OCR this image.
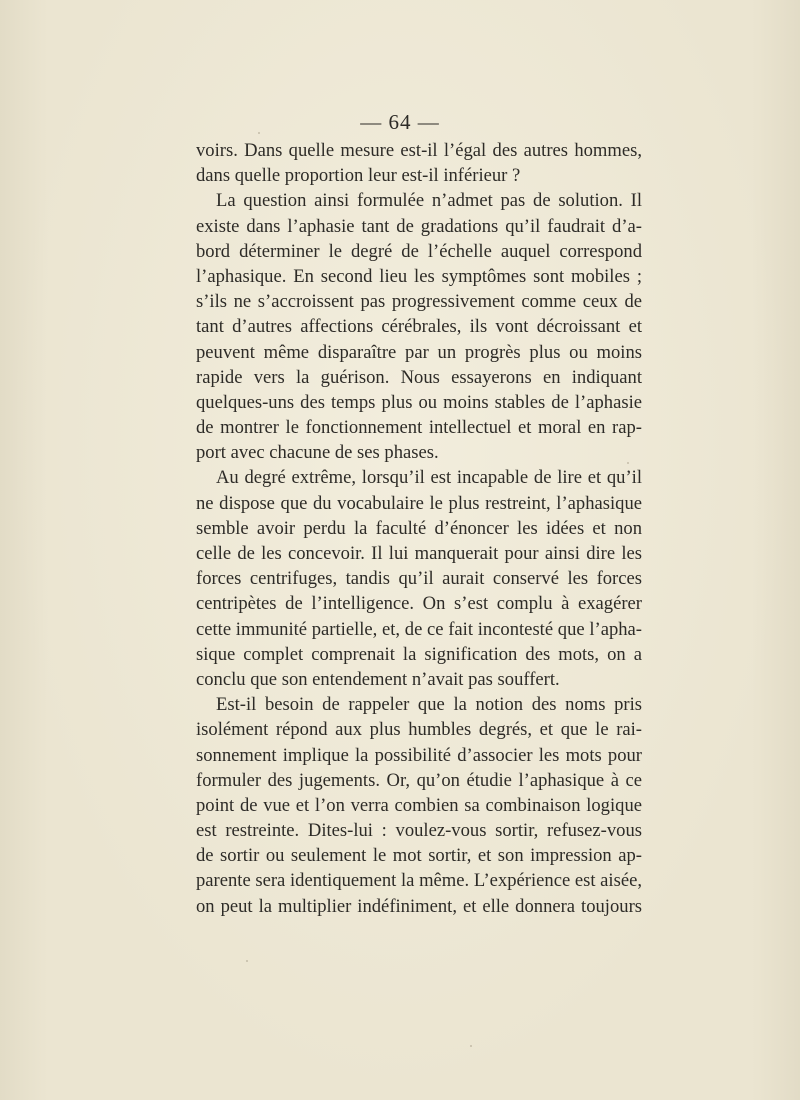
— 64 —
voirs. Dans quelle mesure est-il l’égal des autres hommes,
dans quelle proportion leur est-il inférieur ?
La question ainsi formulée n’admet pas de solution. Il
existe dans l’aphasie tant de gradations qu’il faudrait d’a-
bord déterminer le degré de l’échelle auquel correspond
l’aphasique. En second lieu les symptômes sont mobiles ;
s’ils ne s’accroissent pas progressivement comme ceux de
tant d’autres affections cérébrales, ils vont décroissant et
peuvent même disparaître par un progrès plus ou moins
rapide vers la guérison. Nous essayerons en indiquant
quelques-uns des temps plus ou moins stables de l’aphasie
de montrer le fonctionnement intellectuel et moral en rap-
port avec chacune de ses phases.
Au degré extrême, lorsqu’il est incapable de lire et qu’il
ne dispose que du vocabulaire le plus restreint, l’aphasique
semble avoir perdu la faculté d’énoncer les idées et non
celle de les concevoir. Il lui manquerait pour ainsi dire les
forces centrifuges, tandis qu’il aurait conservé les forces
centripètes de l’intelligence. On s’est complu à exagérer
cette immunité partielle, et, de ce fait incontesté que l’apha-
sique complet comprenait la signification des mots, on a
conclu que son entendement n’avait pas souffert.
Est-il besoin de rappeler que la notion des noms pris
isolément répond aux plus humbles degrés, et que le rai-
sonnement implique la possibilité d’associer les mots pour
formuler des jugements. Or, qu’on étudie l’aphasique à ce
point de vue et l’on verra combien sa combinaison logique
est restreinte. Dites-lui : voulez-vous sortir, refusez-vous
de sortir ou seulement le mot sortir, et son impression ap-
parente sera identiquement la même. L’expérience est aisée,
on peut la multiplier indéfiniment, et elle donnera toujours
